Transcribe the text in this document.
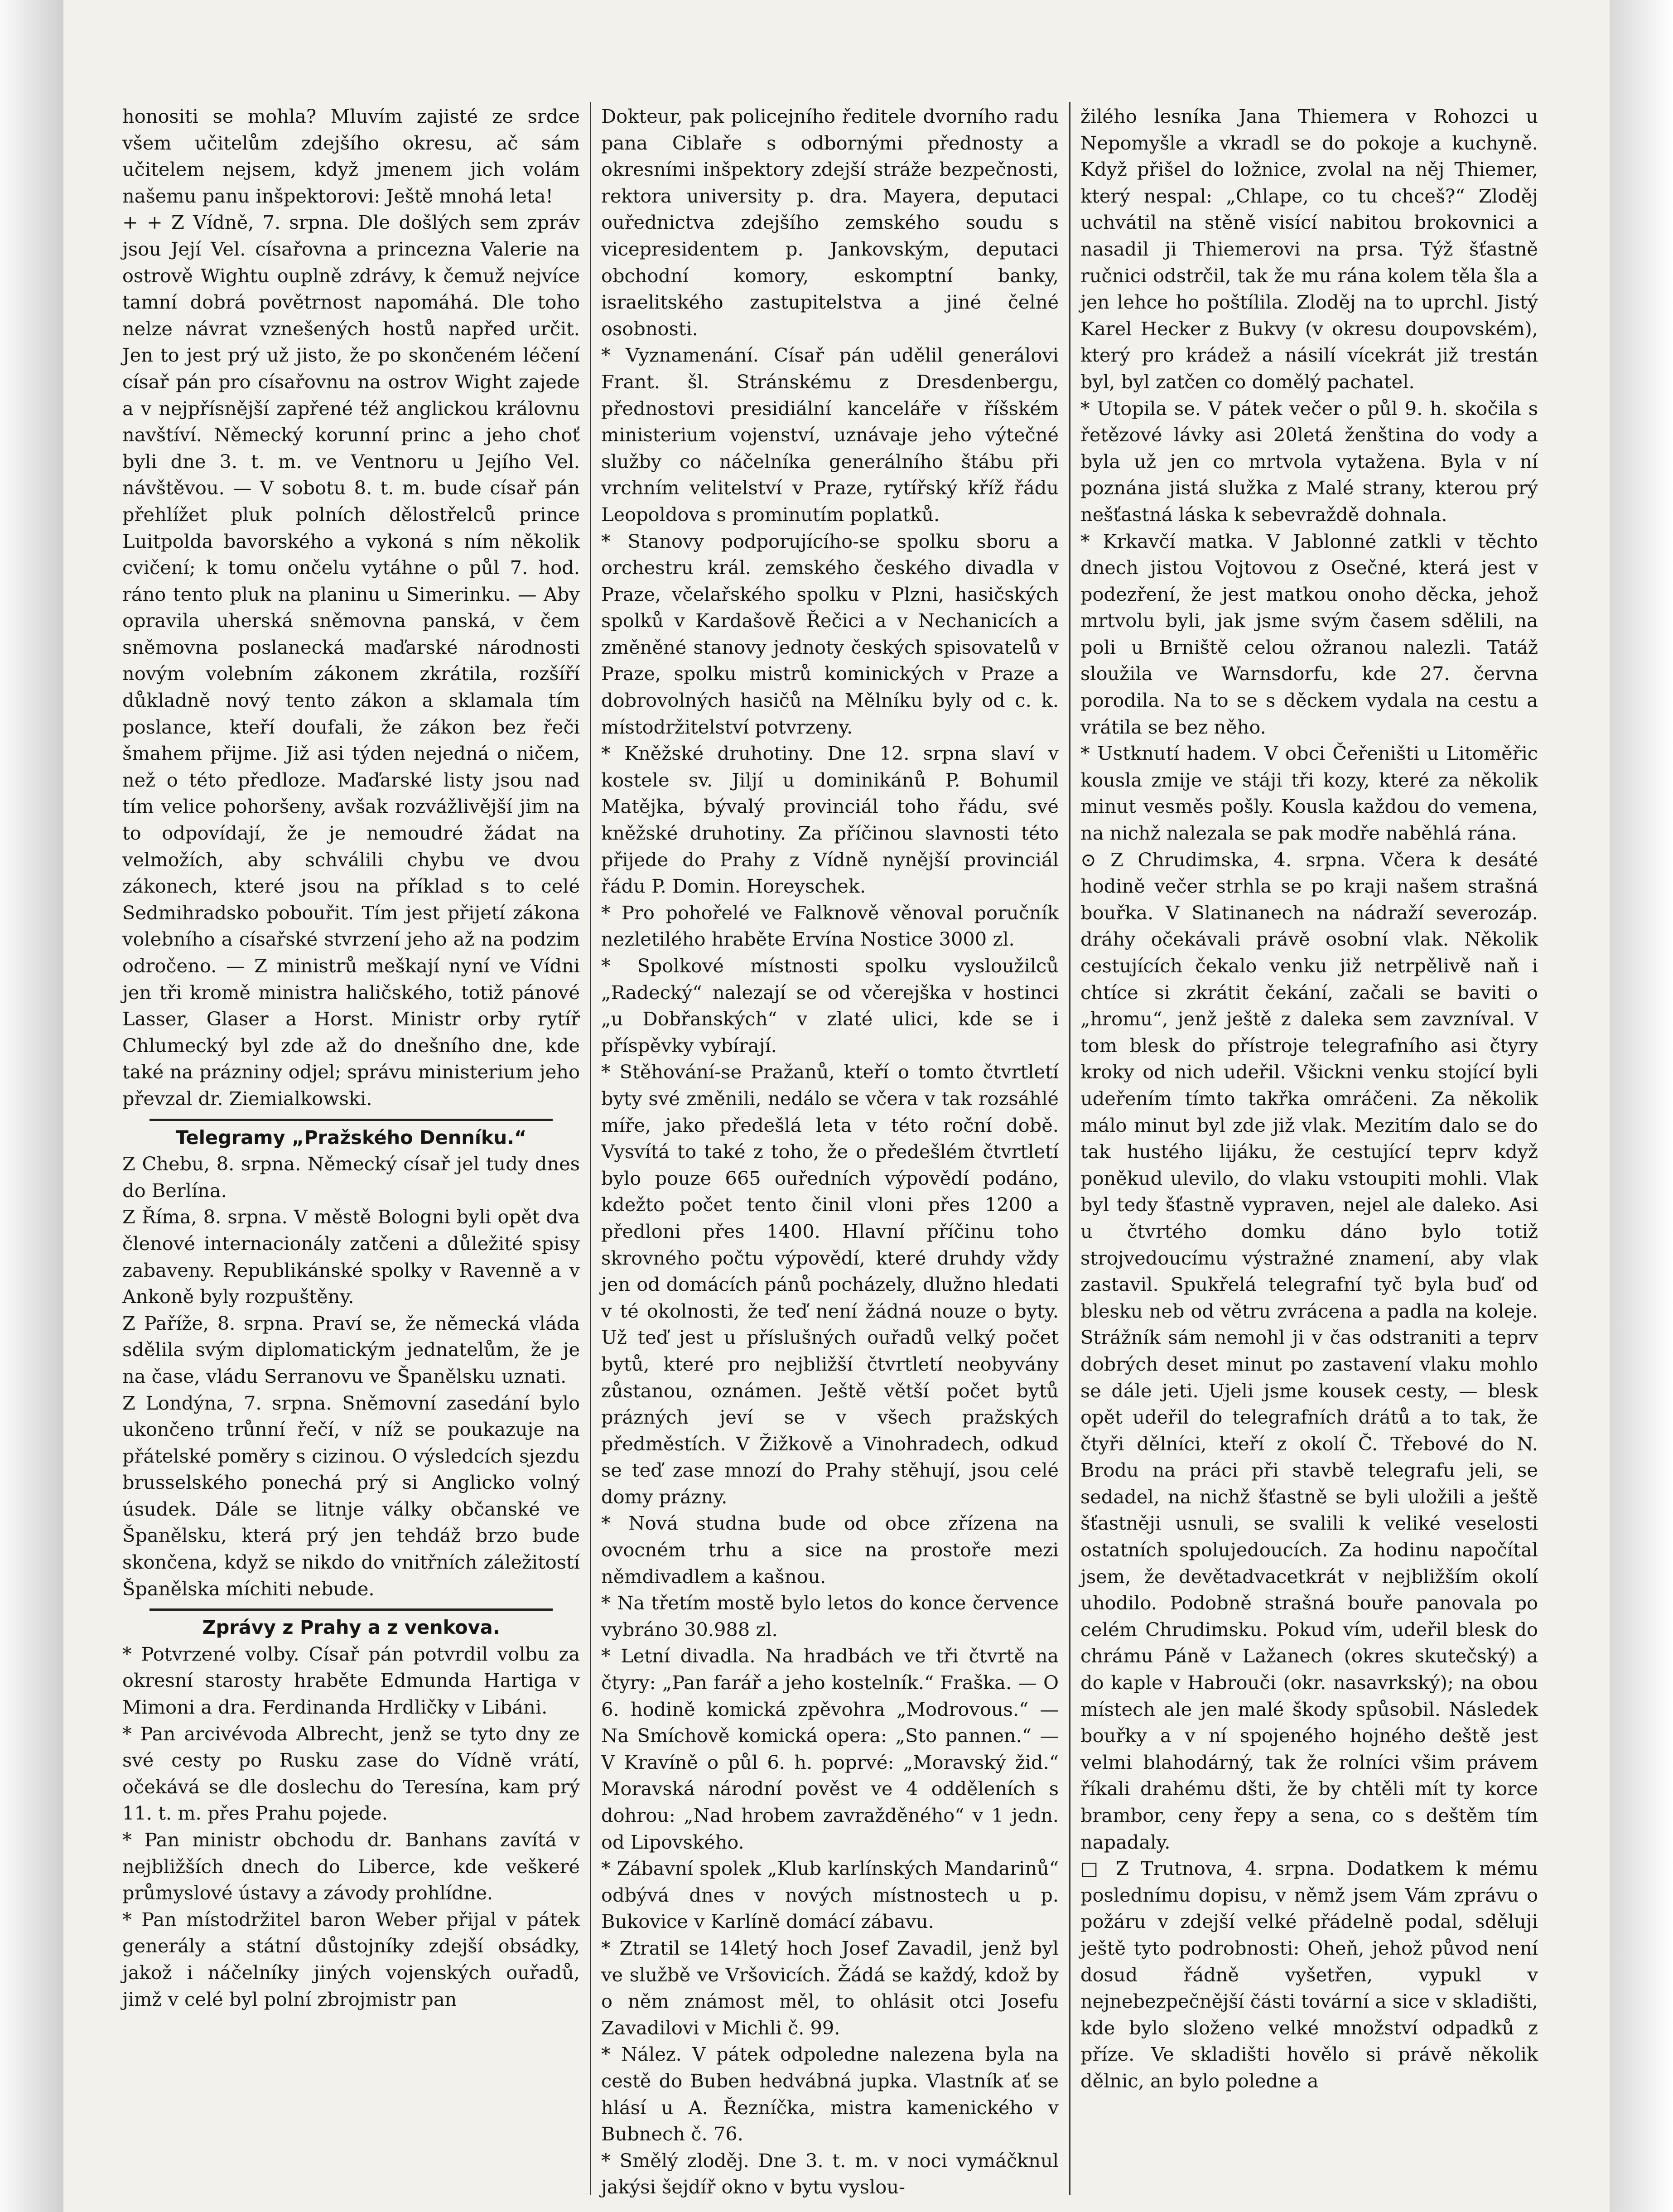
honositi se mohla? Mluvím zajisté ze srdce všem učitelům zdejšího okresu, ač sám učitelem nejsem, když jmenem jich volám našemu panu inšpektorovi: Ještě mnohá leta!

+ + Z Vídně, 7. srpna. Dle došlých sem zpráv jsou Její Vel. císařovna a princezna Valerie na ostrově Wightu ouplně zdrávy, k čemuž nejvíce tamní dobrá povětrnost napomáhá. Dle toho nelze návrat vznešených hostů napřed určit. Jen to jest prý už jisto, že po skončeném léčení císař pán pro císařovnu na ostrov Wight zajede a v nejpřísnější zapřené též anglickou královnu navštíví. Německý korunní princ a jeho choť byli dne 3. t. m. ve Ventnoru u Jejího Vel. návštěvou. — V sobotu 8. t. m. bude císař pán přehlížet pluk polních dělostřelců prince Luitpolda bavorského a vykoná s ním několik cvičení; k tomu ončelu vytáhne o půl 7. hod. ráno tento pluk na planinu u Simerinku. — Aby opravila uherská sněmovna panská, v čem sněmovna poslanecká maďarské národnosti novým volebním zákonem zkrátila, rozšíří důkladně nový tento zákon a sklamala tím poslance, kteří doufali, že zákon bez řeči šmahem přijme. Již asi týden nejedná o ničem, než o této předloze. Maďarské listy jsou nad tím velice pohoršeny, avšak rozvážlivější jim na to odpovídají, že je nemoudré žádat na velmožích, aby schválili chybu ve dvou zákonech, které jsou na příklad s to celé Sedmihradsko pobouřit. Tím jest přijetí zákona volebního a císařské stvrzení jeho až na podzim odročeno. — Z ministrů meškají nyní ve Vídni jen tři kromě ministra haličského, totiž pánové Lasser, Glaser a Horst. Ministr orby rytíř Chlumecký byl zde až do dnešního dne, kde také na prázniny odjel; správu ministerium jeho převzal dr. Ziemialkowski.

Telegramy „Pražského Denníku.“

Z Chebu, 8. srpna. Německý císař jel tudy dnes do Berlína.

Z Říma, 8. srpna. V městě Bologni byli opět dva členové internacionály zatčeni a důležité spisy zabaveny. Republikánské spolky v Ravenně a v Ankoně byly rozpuštěny.

Z Paříže, 8. srpna. Praví se, že německá vláda sdělila svým diplomatickým jednatelům, že je na čase, vládu Serranovu ve Španělsku uznati.

Z Londýna, 7. srpna. Sněmovní zasedání bylo ukončeno trůnní řečí, v níž se poukazuje na přátelské poměry s cizinou. O výsledcích sjezdu brusselského ponechá prý si Anglicko volný úsudek. Dále se litnje války občanské ve Španělsku, která prý jen tehdáž brzo bude skončena, když se nikdo do vnitřních záležitostí Španělska míchiti nebude.

Zprávy z Prahy a z venkova.

* Potvrzené volby. Císař pán potvrdil volbu za okresní starosty hraběte Edmunda Hartiga v Mimoni a dra. Ferdinanda Hrdličky v Libáni.

* Pan arcivévoda Albrecht, jenž se tyto dny ze své cesty po Rusku zase do Vídně vrátí, očekává se dle doslechu do Teresína, kam prý 11. t. m. přes Prahu pojede.

* Pan ministr obchodu dr. Banhans zavítá v nejbližších dnech do Liberce, kde veškeré průmyslové ústavy a závody prohlídne.

* Pan místodržitel baron Weber přijal v pátek generály a státní důstojníky zdejší obsádky, jakož i náčelníky jiných vojenských ouřadů, jimž v celé byl polní zbrojmistr pan

Dokteur, pak policejního ředitele dvorního radu pana Ciblaře s odbornými přednosty a okresními inšpektory zdejší stráže bezpečnosti, rektora university p. dra. Mayera, deputaci ouřednictva zdejšího zemského soudu s vicepresidentem p. Jankovským, deputaci obchodní komory, eskomptní banky, israelitského zastupitelstva a jiné čelné osobnosti.

* Vyznamenání. Císař pán udělil generálovi Frant. šl. Stránskému z Dresdenbergu, přednostovi presidiální kanceláře v říšském ministerium vojenství, uznávaje jeho výtečné služby co náčelníka generálního štábu při vrchním velitelství v Praze, rytířský kříž řádu Leopoldova s prominutím poplatků.

* Stanovy podporujícího-se spolku sboru a orchestru král. zemského českého divadla v Praze, včelařského spolku v Plzni, hasičských spolků v Kardašově Řečici a v Nechanicích a změněné stanovy jednoty českých spisovatelů v Praze, spolku mistrů kominických v Praze a dobrovolných hasičů na Mělníku byly od c. k. místodržitelství potvrzeny.

* Kněžské druhotiny. Dne 12. srpna slaví v kostele sv. Jiljí u dominikánů P. Bohumil Matějka, bývalý provinciál toho řádu, své kněžské druhotiny. Za příčinou slavnosti této přijede do Prahy z Vídně nynější provinciál řádu P. Domin. Horeyschek.

* Pro pohořelé ve Falknově věnoval poručník nezletilého hraběte Ervína Nostice 3000 zl.

* Spolkové místnosti spolku vysloužilců „Radecký“ nalezají se od včerejška v hostinci „u Dobřanských“ v zlaté ulici, kde se i příspěvky vybírají.

* Stěhování-se Pražanů, kteří o tomto čtvrtletí byty své změnili, nedálo se včera v tak rozsáhlé míře, jako předešlá leta v této roční době. Vysvítá to také z toho, že o předešlém čtvrtletí bylo pouze 665 ouředních výpovědí podáno, kdežto počet tento činil vloni přes 1200 a předloni přes 1400. Hlavní příčinu toho skrovného počtu výpovědí, které druhdy vždy jen od domácích pánů pocházely, dlužno hledati v té okolnosti, že teď není žádná nouze o byty. Už teď jest u příslušných ouřadů velký počet bytů, které pro nejbližší čtvrtletí neobyvány zůstanou, oznámen. Ještě větší počet bytů prázných jeví se v všech pražských předměstích. V Žižkově a Vinohradech, odkud se teď zase mnozí do Prahy stěhují, jsou celé domy prázny.

* Nová studna bude od obce zřízena na ovocném trhu a sice na prostoře mezi němdivadlem a kašnou.

* Na třetím mostě bylo letos do konce července vybráno 30.988 zl.

* Letní divadla. Na hradbách ve tři čtvrtě na čtyry: „Pan farář a jeho kostelník.“ Fraška. — O 6. hodině komická zpěvohra „Modrovous.“ — Na Smíchově komická opera: „Sto pannen.“ — V Kravíně o půl 6. h. poprvé: „Moravský žid.“ Moravská národní pověst ve 4 odděleních s dohrou: „Nad hrobem zavražděného“ v 1 jedn. od Lipovského.

* Zábavní spolek „Klub karlínských Mandarinů“ odbývá dnes v nových místnostech u p. Bukovice v Karlíně domácí zábavu.

* Ztratil se 14letý hoch Josef Zavadil, jenž byl ve službě ve Vršovicích. Žádá se každý, kdož by o něm známost měl, to ohlásit otci Josefu Zavadilovi v Michli č. 99.

* Nález. V pátek odpoledne nalezena byla na cestě do Buben hedvábná jupka. Vlastník ať se hlásí u A. Řezníčka, mistra kamenického v Bubnech č. 76.

* Smělý zloděj. Dne 3. t. m. v noci vymáčknul jakýsi šejdíř okno v bytu vyslou-

žilého lesníka Jana Thiemera v Rohozci u Nepomyšle a vkradl se do pokoje a kuchyně. Když přišel do ložnice, zvolal na něj Thiemer, který nespal: „Chlape, co tu chceš?“ Zloděj uchvátil na stěně visící nabitou brokovnici a nasadil ji Thiemerovi na prsa. Týž šťastně ručnici odstrčil, tak že mu rána kolem těla šla a jen lehce ho poštílila. Zloděj na to uprchl. Jistý Karel Hecker z Bukvy (v okresu doupovském), který pro krádež a násilí vícekrát již trestán byl, byl zatčen co domělý pachatel.

* Utopila se. V pátek večer o půl 9. h. skočila s řetězové lávky asi 20letá ženština do vody a byla už jen co mrtvola vytažena. Byla v ní poznána jistá služka z Malé strany, kterou prý nešťastná láska k sebevraždě dohnala.

* Krkavčí matka. V Jablonné zatkli v těchto dnech jistou Vojtovou z Osečné, která jest v podezření, že jest matkou onoho děcka, jehož mrtvolu byli, jak jsme svým časem sdělili, na poli u Brniště celou ožranou nalezli. Tatáž sloužila ve Warnsdorfu, kde 27. června porodila. Na to se s děckem vydala na cestu a vrátila se bez něho.

* Ustknutí hadem. V obci Čeřeništi u Litoměřic kousla zmije ve stáji tři kozy, které za několik minut vesměs pošly. Kousla každou do vemena, na nichž nalezala se pak modře naběhlá rána.

⊙ Z Chrudimska, 4. srpna. Včera k desáté hodině večer strhla se po kraji našem strašná bouřka. V Slatinanech na nádraží severozáp. dráhy očekávali právě osobní vlak. Několik cestujících čekalo venku již netrpělivě naň i chtíce si zkrátit čekání, začali se baviti o „hromu“, jenž ještě z daleka sem zavzníval. V tom blesk do přístroje telegrafního asi čtyry kroky od nich udeřil. Všickni venku stojící byli udeřením tímto takřka omráčeni. Za několik málo minut byl zde již vlak. Mezitím dalo se do tak hustého lijáku, že cestující teprv když poněkud ulevilo, do vlaku vstoupiti mohli. Vlak byl tedy šťastně vypraven, nejel ale daleko. Asi u čtvrtého domku dáno bylo totiž strojvedoucímu výstražné znamení, aby vlak zastavil. Spukřelá telegrafní tyč byla buď od blesku neb od větru zvrácena a padla na koleje. Strážník sám nemohl ji v čas odstraniti a teprv dobrých deset minut po zastavení vlaku mohlo se dále jeti. Ujeli jsme kousek cesty, — blesk opět udeřil do telegrafních drátů a to tak, že čtyři dělníci, kteří z okolí Č. Třebové do N. Brodu na práci při stavbě telegrafu jeli, se sedadel, na nichž šťastně se byli uložili a ještě šťastněji usnuli, se svalili k veliké veselosti ostatních spolujedoucích. Za hodinu napočítal jsem, že devětadvacetkrát v nejbližším okolí uhodilo. Podobně strašná bouře panovala po celém Chrudimsku. Pokud vím, udeřil blesk do chrámu Páně v Lažanech (okres skutečský) a do kaple v Habrouči (okr. nasavrkský); na obou místech ale jen malé škody spůsobil. Následek bouřky a v ní spojeného hojného deště jest velmi blahodárný, tak že rolníci všim právem říkali drahému dšti, že by chtěli mít ty korce brambor, ceny řepy a sena, co s deštěm tím napadaly.

□ Z Trutnova, 4. srpna. Dodatkem k mému poslednímu dopisu, v němž jsem Vám zprávu o požáru v zdejší velké přádelně podal, sděluji ještě tyto podrobnosti: Oheň, jehož původ není dosud řádně vyšetřen, vypukl v nejnebezpečnější části tovární a sice v skladišti, kde bylo složeno velké množství odpadků z příze. Ve skladišti hovělo si právě několik dělnic, an bylo poledne a
